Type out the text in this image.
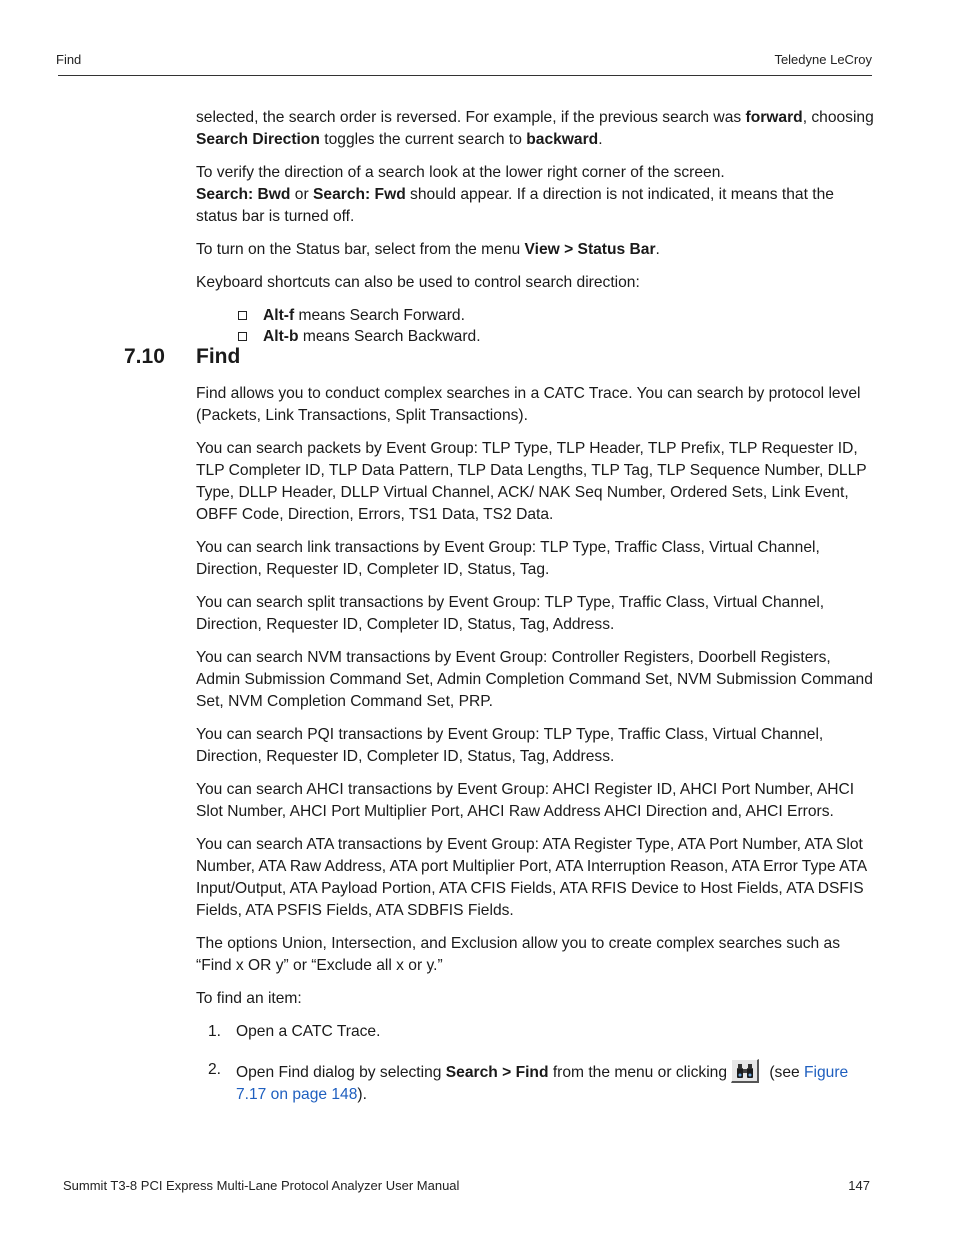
Find	Teledyne LeCroy

selected, the search order is reversed. For example, if the previous search was forward, choosing Search Direction toggles the current search to backward.

To verify the direction of a search look at the lower right corner of the screen.
Search: Bwd or Search: Fwd should appear. If a direction is not indicated, it means that the status bar is turned off.

To turn on the Status bar, select from the menu View > Status Bar.

Keyboard shortcuts can also be used to control search direction:

Alt-f means Search Forward.
Alt-b means Search Backward.
7.10 Find

Find allows you to conduct complex searches in a CATC Trace. You can search by protocol level (Packets, Link Transactions, Split Transactions).

You can search packets by Event Group: TLP Type, TLP Header, TLP Prefix, TLP Requester ID, TLP Completer ID, TLP Data Pattern, TLP Data Lengths, TLP Tag, TLP Sequence Number, DLLP Type, DLLP Header, DLLP Virtual Channel, ACK/ NAK Seq Number, Ordered Sets, Link Event, OBFF Code, Direction, Errors, TS1 Data, TS2 Data.

You can search link transactions by Event Group: TLP Type, Traffic Class, Virtual Channel, Direction, Requester ID, Completer ID, Status, Tag.

You can search split transactions by Event Group: TLP Type, Traffic Class, Virtual Channel, Direction, Requester ID, Completer ID, Status, Tag, Address.

You can search NVM transactions by Event Group: Controller Registers, Doorbell Registers, Admin Submission Command Set, Admin Completion Command Set, NVM Submission Command Set, NVM Completion Command Set, PRP.

You can search PQI transactions by Event Group: TLP Type, Traffic Class, Virtual Channel, Direction, Requester ID, Completer ID, Status, Tag, Address.

You can search AHCI transactions by Event Group: AHCI Register ID, AHCI Port Number, AHCI Slot Number, AHCI Port Multiplier Port, AHCI Raw Address AHCI Direction and, AHCI Errors.

You can search ATA transactions by Event Group: ATA Register Type, ATA Port Number, ATA Slot Number, ATA Raw Address, ATA port Multiplier Port, ATA Interruption Reason, ATA Error Type ATA Input/Output, ATA Payload Portion, ATA CFIS Fields, ATA RFIS Device to Host Fields, ATA DSFIS Fields, ATA PSFIS Fields, ATA SDBFIS Fields.

The options Union, Intersection, and Exclusion allow you to create complex searches such as “Find x OR y” or “Exclude all x or y.”

To find an item:

1. Open a CATC Trace.
2. Open Find dialog by selecting Search > Find from the menu or clicking
(see Figure 7.17 on page 148).
Summit T3-8 PCI Express Multi-Lane Protocol Analyzer User Manual	147
